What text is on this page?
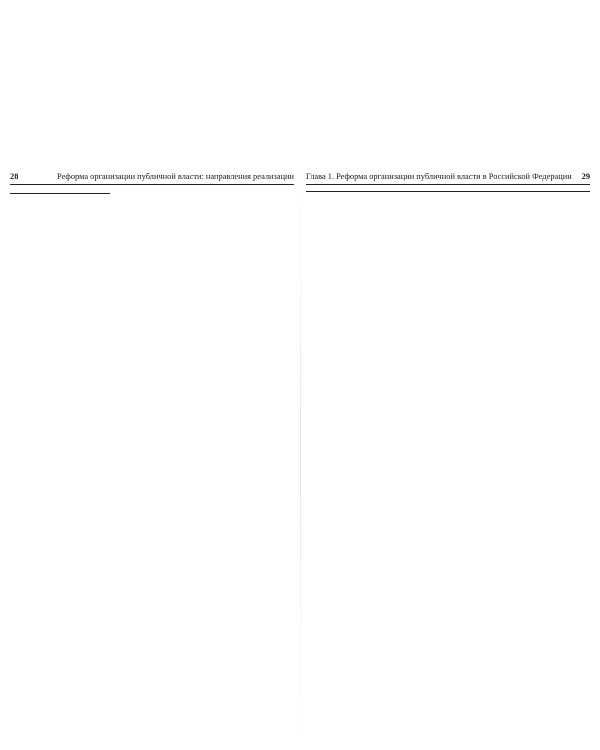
28	Реформа организации публичной власти: направления реализации Глава 1. Реформа организации публичной власти в Российской Федерации 29
